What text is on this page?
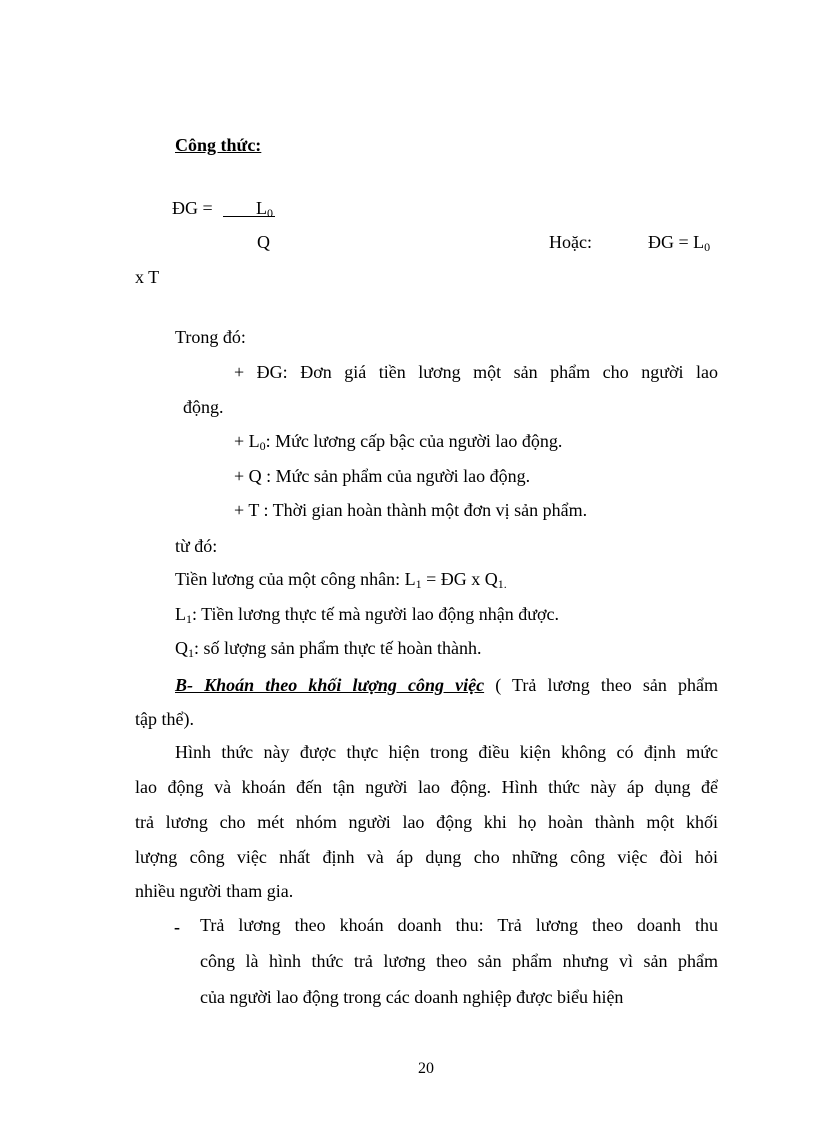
Công thức:
ĐG = $L_0$
Q	Hoặc:	ĐG = $L_0$
x T
Trong đó:
+ ĐG: Đơn giá tiền lương một sản phẩm cho người lao
động.
+ $L_0$: Mức lương cấp bậc của người lao động.
+ Q : Mức sản phẩm của người lao động.
+ T : Thời gian hoàn thành một đơn vị sản phẩm.
từ đó:
Tiền lương của một công nhân: $L_1$ = ĐG x $Q_{1.}$
$L_1$: Tiền lương thực tế mà người lao động nhận được.
$Q_1$: số lượng sản phẩm thực tế hoàn thành.
B- Khoán theo khối lượng công việc ( Trả lương theo sản phẩm
tập thể).
Hình thức này được thực hiện trong điều kiện không có định mức
lao động và khoán đến tận người lao động. Hình thức này áp dụng để
trả lương cho mét nhóm người lao động khi họ hoàn thành một khối
lượng công việc nhất định và áp dụng cho những công việc đòi hỏi
nhiều người tham gia.
- Trả lương theo khoán doanh thu: Trả lương theo doanh thu
công là hình thức trả lương theo sản phẩm nhưng vì sản phẩm
của người lao động trong các doanh nghiệp được biểu hiện
20
